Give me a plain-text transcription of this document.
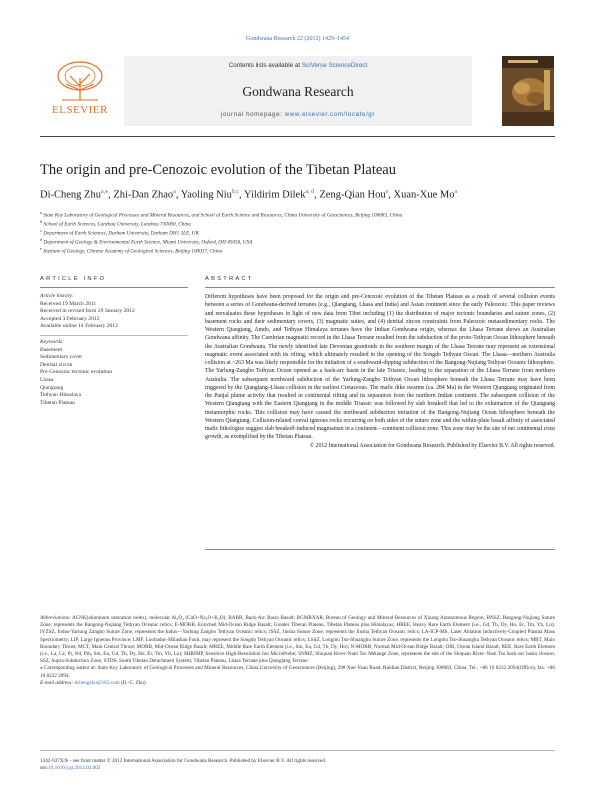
Gondwana Research 22 (2012) 1429–1454
ELSEVIER
Contents lists available at SciVerse ScienceDirect
Gondwana Research
journal homepage: www.elsevier.com/locate/gr
The origin and pre-Cenozoic evolution of the Tibetan Plateau
Di-Cheng Zhu$^{a,⁎}$, Zhi-Dan Zhao$^a$, Yaoling Niu$^{b,c}$, Yildirim Dilek$^{a, d}$, Zeng-Qian Hou$^e$, Xuan-Xue Mo$^a$
$^a$ State Key Laboratory of Geological Processes and Mineral Resources, and School of Earth Science and Resources, China University of Geosciences, Beijing 100083, China
$^b$ School of Earth Sciences, Lanzhou University, Lanzhou 730000, China
$^c$ Department of Earth Sciences, Durham University, Durham DH1 3LE, UK
$^d$ Department of Geology & Environmental Earth Science, Miami University, Oxford, OH 45056, USA
$^e$ Institute of Geology, Chinese Academy of Geological Sciences, Beijing 100037, China
ARTICLE INFO	ABSTRACT
Article history:
Received 19 March 2011
Received in revised form 29 January 2012
Accepted 3 February 2012
Available online 14 February 2012
Keywords:
Basement
Sedimentary cover
Detrital zircon
Pre-Cenozoic tectonic evolution
Lhasa
Qiangtang
Tethyan Himalaya
Tibetan Plateau

Different hypotheses have been proposed for the origin and pre-Cenozoic evolution of the Tibetan Plateau as a result of several collision events between a series of Gondwana-derived terranes (e.g., Qiangtang, Lhasa and India) and Asian continent since the early Paleozoic. This paper reviews and reevaluates these hypotheses in light of new data from Tibet including (1) the distribution of major tectonic boundaries and suture zones, (2) basement rocks and their sedimentary covers, (3) magmatic suites, and (4) detrital zircon constraints from Paleozoic metasedimentary rocks. The Western Qiangtang, Amdo, and Tethyan Himalaya terranes have the Indian Gondwana origin, whereas the Lhasa Terrane shows an Australian Gondwana affinity. The Cambrian magmatic record in the Lhasa Terrane resulted from the subduction of the proto-Tethyan Ocean lithosphere beneath the Australian Gondwana. The newly identified late Devonian granitoids in the southern margin of the Lhasa Terrane may represent an extensional magmatic event associated with its rifting, which ultimately resulted in the opening of the Songdo Tethyan Ocean. The Lhasa—northern Australia collision at ~263 Ma was likely responsible for the initiation of a southward-dipping subduction of the Bangong-Nujiang Tethyan Oceanic lithosphere. The Yarlung-Zangbo Tethyan Ocean opened as a back-arc basin in the late Triassic, leading to the separation of the Lhasa Terrane from northern Australia. The subsequent northward subduction of the Yarlung-Zangbo Tethyan Ocean lithosphere beneath the Lhasa Terrane may have been triggered by the Qiangtang–Lhasa collision in the earliest Cretaceous. The mafic dike swarms (ca. 284 Ma) in the Western Qiangtang originated from the Panjal plume activity that resulted in continental rifting and its separation from the northern Indian continent. The subsequent collision of the Western Qiangtang with the Eastern Qiangtang in the middle Triassic was followed by slab breakoff that led to the exhumation of the Qiangtang metamorphic rocks. This collision may have caused the northward subduction initiation of the Bangong-Nujiang Ocean lithosphere beneath the Western Qiangtang. Collision-related coeval igneous rocks occurring on both sides of the suture zone and the within-plate basalt affinity of associated mafic lithologies suggest slab breakoff-induced magmatism in a continent—continent collision zone. This zone may be the site of net continental crust growth, as exemplified by the Tibetan Plateau.

© 2012 International Association for Gondwana Research. Published by Elsevier B.V. All rights reserved.

Abbreviations: ACNK(aluminum saturation index), molecular Al₂O₃ (CaO+Na₂O+K₂O); BABB, Back-Arc Basin Basalt; BGMRXAR, Bureau of Geology and Mineral Resources of Xizang Autonomous Region; BNSZ, Bangong-Nujiang Suture Zone, represents the Bangong-Nujiang Tethyan Oceanic relics; E-MORB, Enriched Mid-Ocean Ridge Basalt; Greater Tibetan Plateau, Tibetan Plateau plus Himalayas; HREE, Heavy Rare Earth Element (i.e., Gd, Tb, Dy, Ho, Er, Tm, Yb, Lu); IYZSZ, Indus-Yarlung Zangbo Suture Zone, represents the Indus—Yarlung Zangbo Tethyan Oceanic relics; JSSZ, Jinsha Suture Zone, represents the Jinsha Tethyan Oceanic relics; LA-ICP-MS, Laser Ablation Inductively-Coupled Plasma Mass Spectrometry; LIP, Large Igneous Province; LMF, Luobadui–Milashan Fault, may represent the Songdo Tethyan Oceanic relics; LSSZ, Longmu Tso-Shuanghu Suture Zone, represents the Longmu Tso-Shuanghu Tethyan Oceanic relics; MBT, Main Boundary Thrust; MCT, Main Central Thrust; MORB, Mid-Ocean Ridge Basalt; MREE, Middle Rare Earth Element (i.e., Sm, Eu, Gd, Tb, Dy, Ho); N-MORB, Normal Mid-Ocean Ridge Basalt; OIB, Ocean Island Basalt; REE, Rare Earth Element (i.e., La, Ce, Pr, Nd, Pm, Sm, Eu, Gd, Tb, Dy, Ho, Er, Tm, Yb, Lu); SHRIMP, Sensitive High-Resolution Ion MicroProbe; SNMZ, Shiquan River–Nam Tso Mélange Zone, represents the site of the Shiquan River–Nam Tso back-arc basin closure; SSZ, Supra-Subduction Zone; STDS, South Tibetan Detachment System; Tibetan Plateau, Lhasa Terrane plus Qiangtang Terrane.

⁎ Corresponding author at: State Key Laboratory of Geological Processes and Mineral Resources, China University of Geosciences (Beijing), 29# Xue-Yuan Road, Haidian District, Beijing 100083, China. Tel.: +86 10 8232 2094(Office); fax: +86 10 8232 2094.

E-mail address: dchengzhu@163.com (D.-C. Zhu).

1342-937X/$ – see front matter © 2012 International Association for Gondwana Research. Published by Elsevier B.V. All rights reserved.
doi:10.1016/j.gr.2012.02.002
